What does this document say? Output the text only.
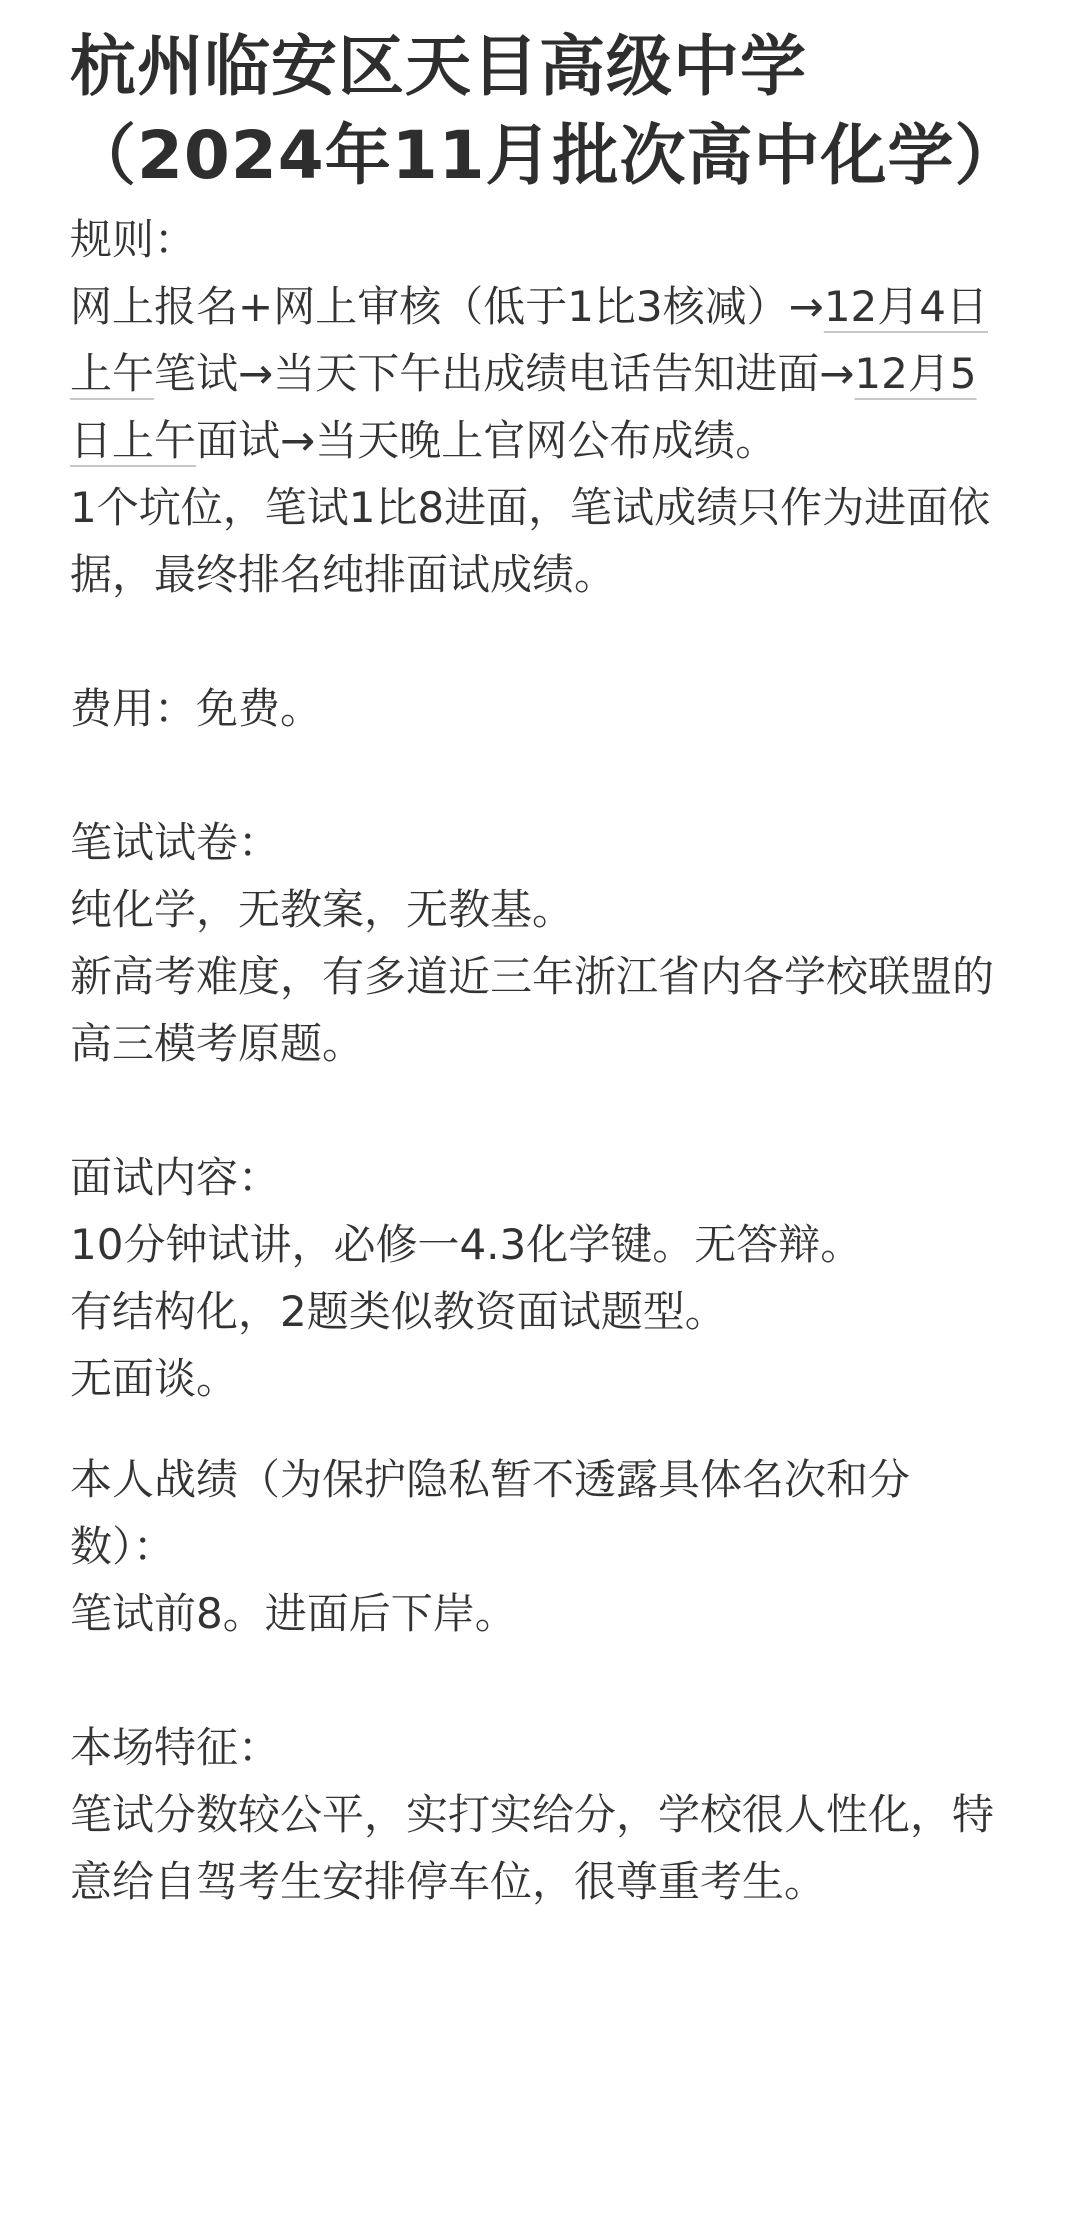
杭州临安区天目高级中学（2024年11月批次高中化学）
规则：
网上报名+网上审核（低于1比3核减）→12月4日上午笔试→当天下午出成绩电话告知进面→12月5日上午面试→当天晚上官网公布成绩。
1个坑位，笔试1比8进面，笔试成绩只作为进面依据，最终排名纯排面试成绩。
费用：免费。
笔试试卷：
纯化学，无教案，无教基。
新高考难度，有多道近三年浙江省内各学校联盟的高三模考原题。
面试内容：
10分钟试讲，必修一4.3化学键。无答辩。
有结构化，2题类似教资面试题型。
无面谈。
本人战绩（为保护隐私暂不透露具体名次和分数）：
笔试前8。进面后下岸。
本场特征：
笔试分数较公平，实打实给分，学校很人性化，特意给自驾考生安排停车位，很尊重考生。
